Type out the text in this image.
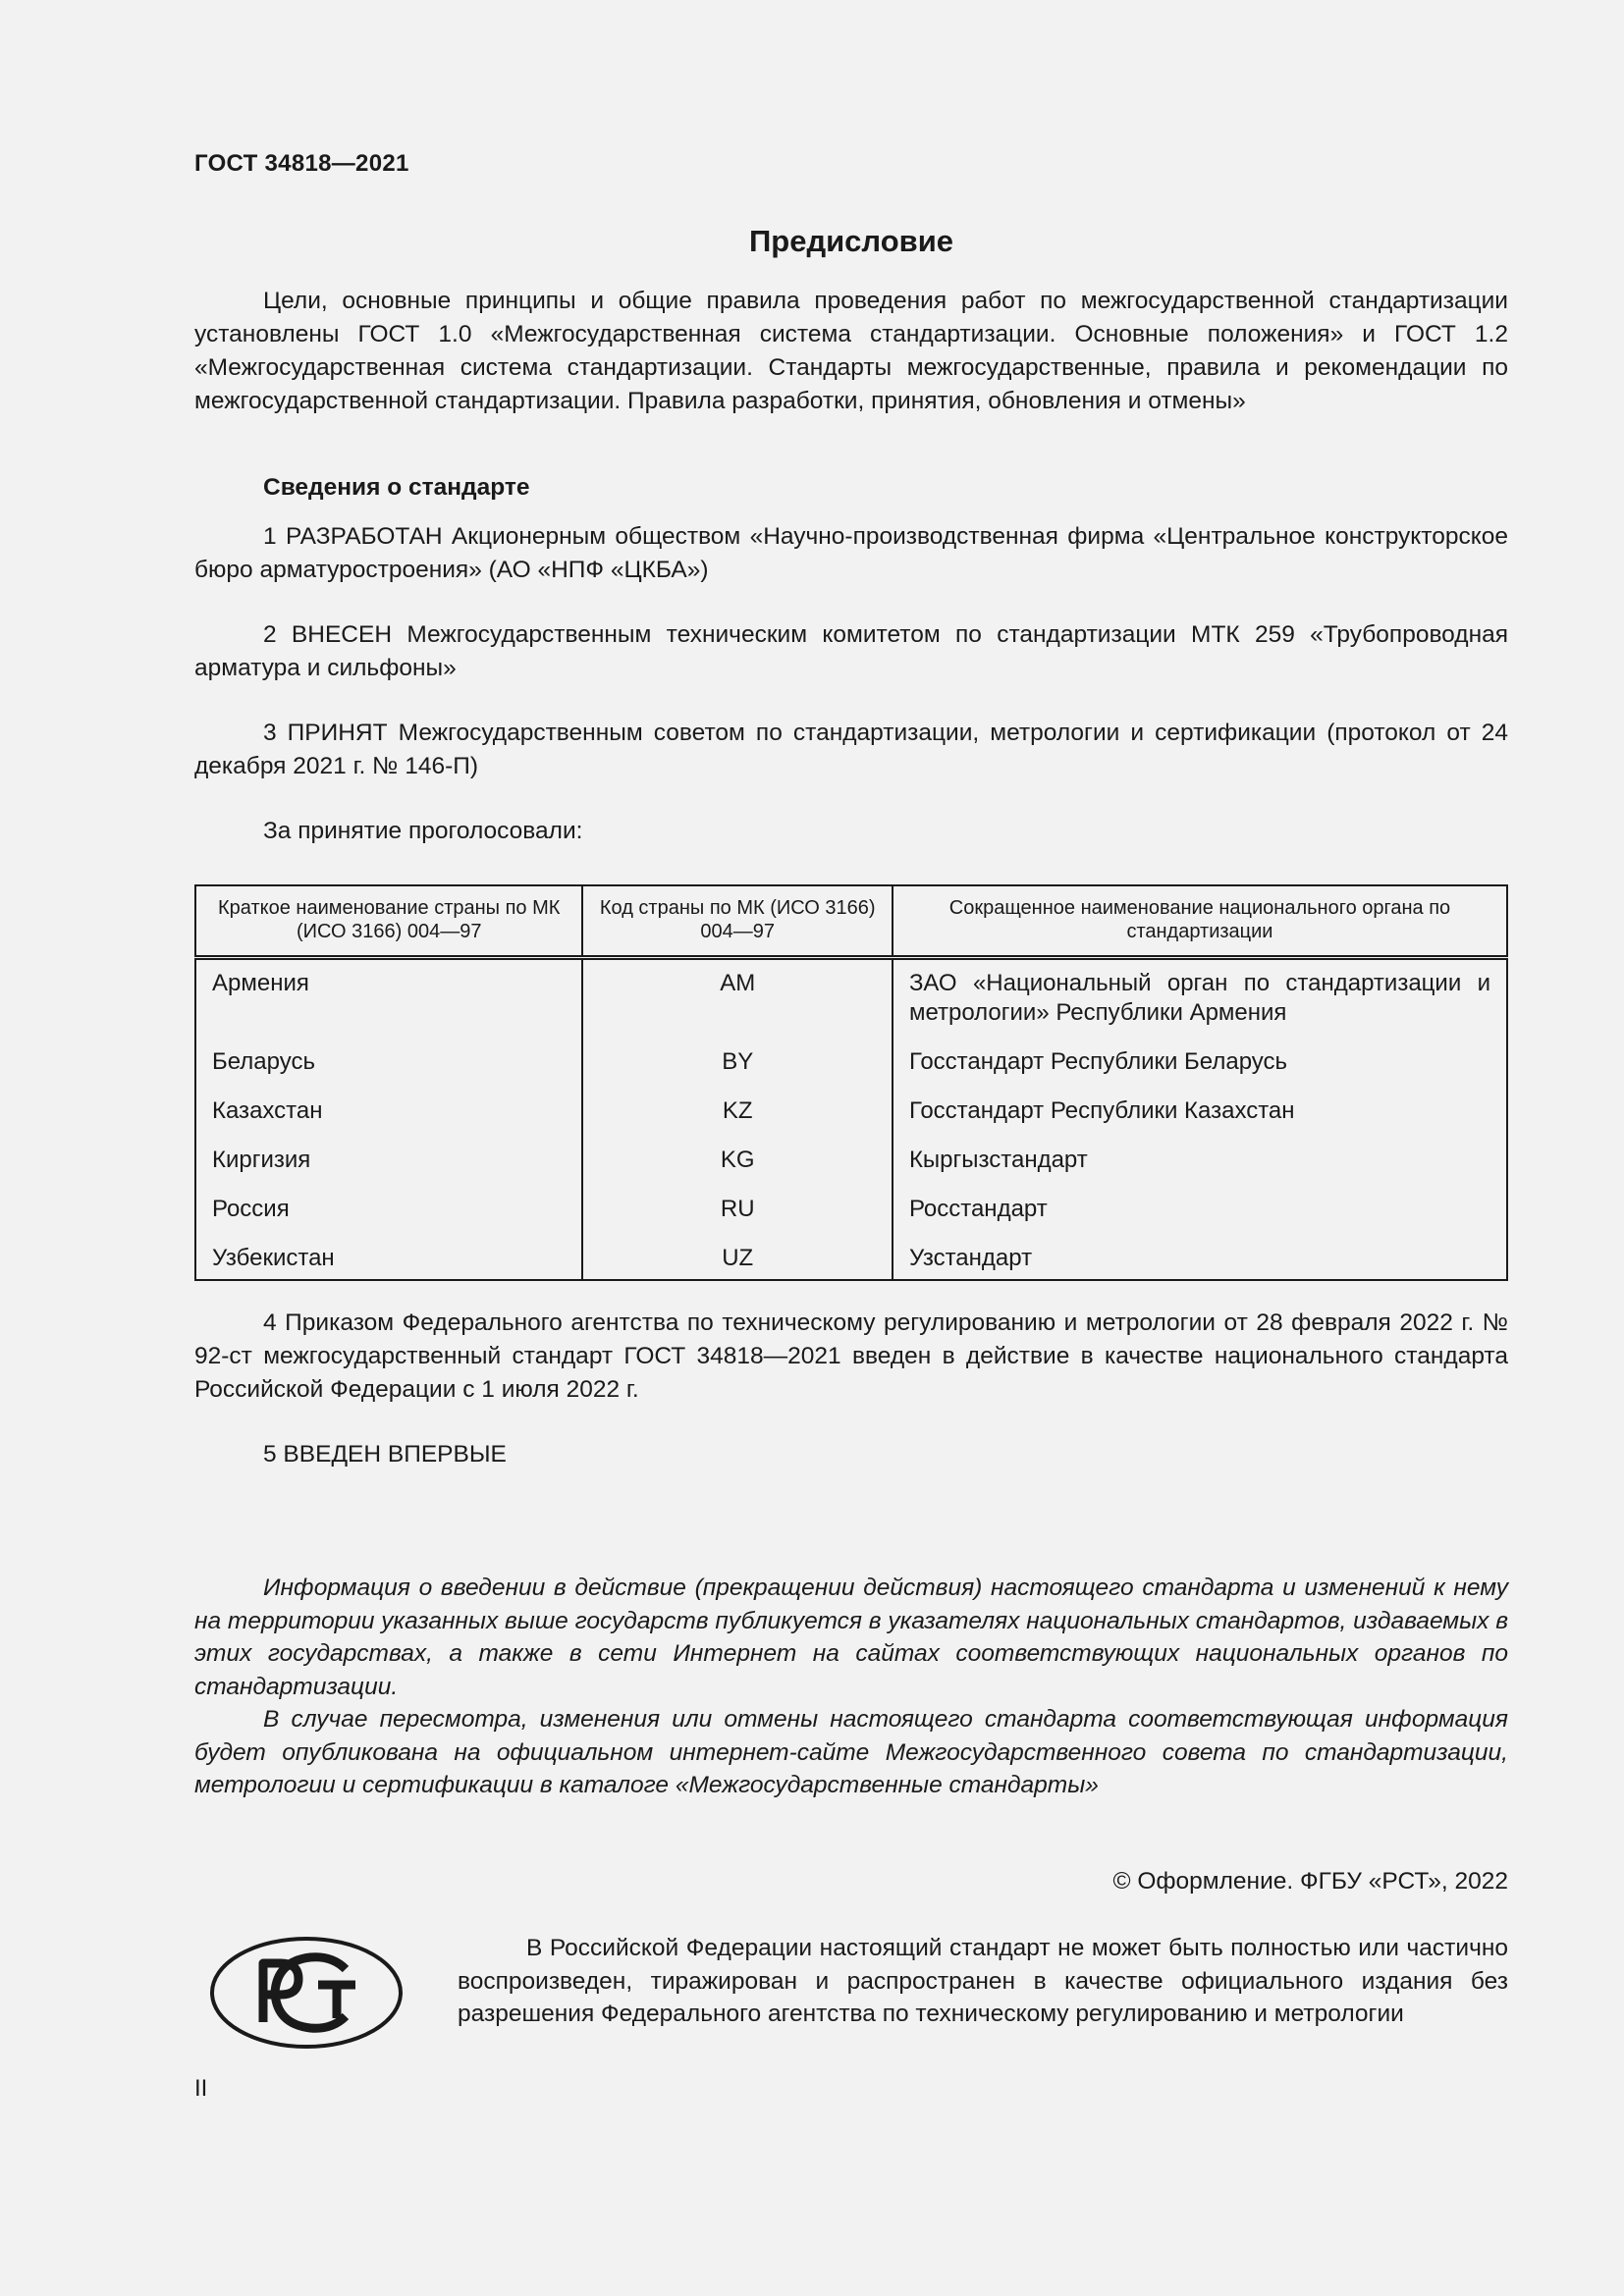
ГОСТ 34818—2021
Предисловие
Цели, основные принципы и общие правила проведения работ по межгосударственной стандартизации установлены ГОСТ 1.0 «Межгосударственная система стандартизации. Основные положения» и ГОСТ 1.2 «Межгосударственная система стандартизации. Стандарты межгосударственные, правила и рекомендации по межгосударственной стандартизации. Правила разработки, принятия, обновления и отмены»
Сведения о стандарте
1 РАЗРАБОТАН Акционерным обществом «Научно-производственная фирма «Центральное конструкторское бюро арматуростроения» (АО «НПФ «ЦКБА»)
2 ВНЕСЕН Межгосударственным техническим комитетом по стандартизации МТК 259 «Трубопроводная арматура и сильфоны»
3 ПРИНЯТ Межгосударственным советом по стандартизации, метрологии и сертификации (протокол от 24 декабря 2021 г. № 146-П)
За принятие проголосовали:
Краткое наименование страны по МК (ИСО 3166) 004—97	Код страны по МК (ИСО 3166) 004—97	Сокращенное наименование национального органа по стандартизации
Армения	AM	ЗАО «Национальный орган по стандартизации и метрологии» Республики Армения
Беларусь	BY	Госстандарт Республики Беларусь
Казахстан	KZ	Госстандарт Республики Казахстан
Киргизия	KG	Кыргызстандарт
Россия	RU	Росстандарт
Узбекистан	UZ	Узстандарт
4 Приказом Федерального агентства по техническому регулированию и метрологии от 28 февраля 2022 г. № 92-ст межгосударственный стандарт ГОСТ 34818—2021 введен в действие в качестве национального стандарта Российской Федерации с 1 июля 2022 г.
5 ВВЕДЕН ВПЕРВЫЕ
Информация о введении в действие (прекращении действия) настоящего стандарта и изменений к нему на территории указанных выше государств публикуется в указателях национальных стандартов, издаваемых в этих государствах, а также в сети Интернет на сайтах соответствующих национальных органов по стандартизации.
В случае пересмотра, изменения или отмены настоящего стандарта соответствующая информация будет опубликована на официальном интернет-сайте Межгосударственного совета по стандартизации, метрологии и сертификации в каталоге «Межгосударственные стандарты»
© Оформление. ФГБУ «РСТ», 2022
В Российской Федерации настоящий стандарт не может быть полностью или частично воспроизведен, тиражирован и распространен в качестве официального издания без разрешения Федерального агентства по техническому регулированию и метрологии
II
